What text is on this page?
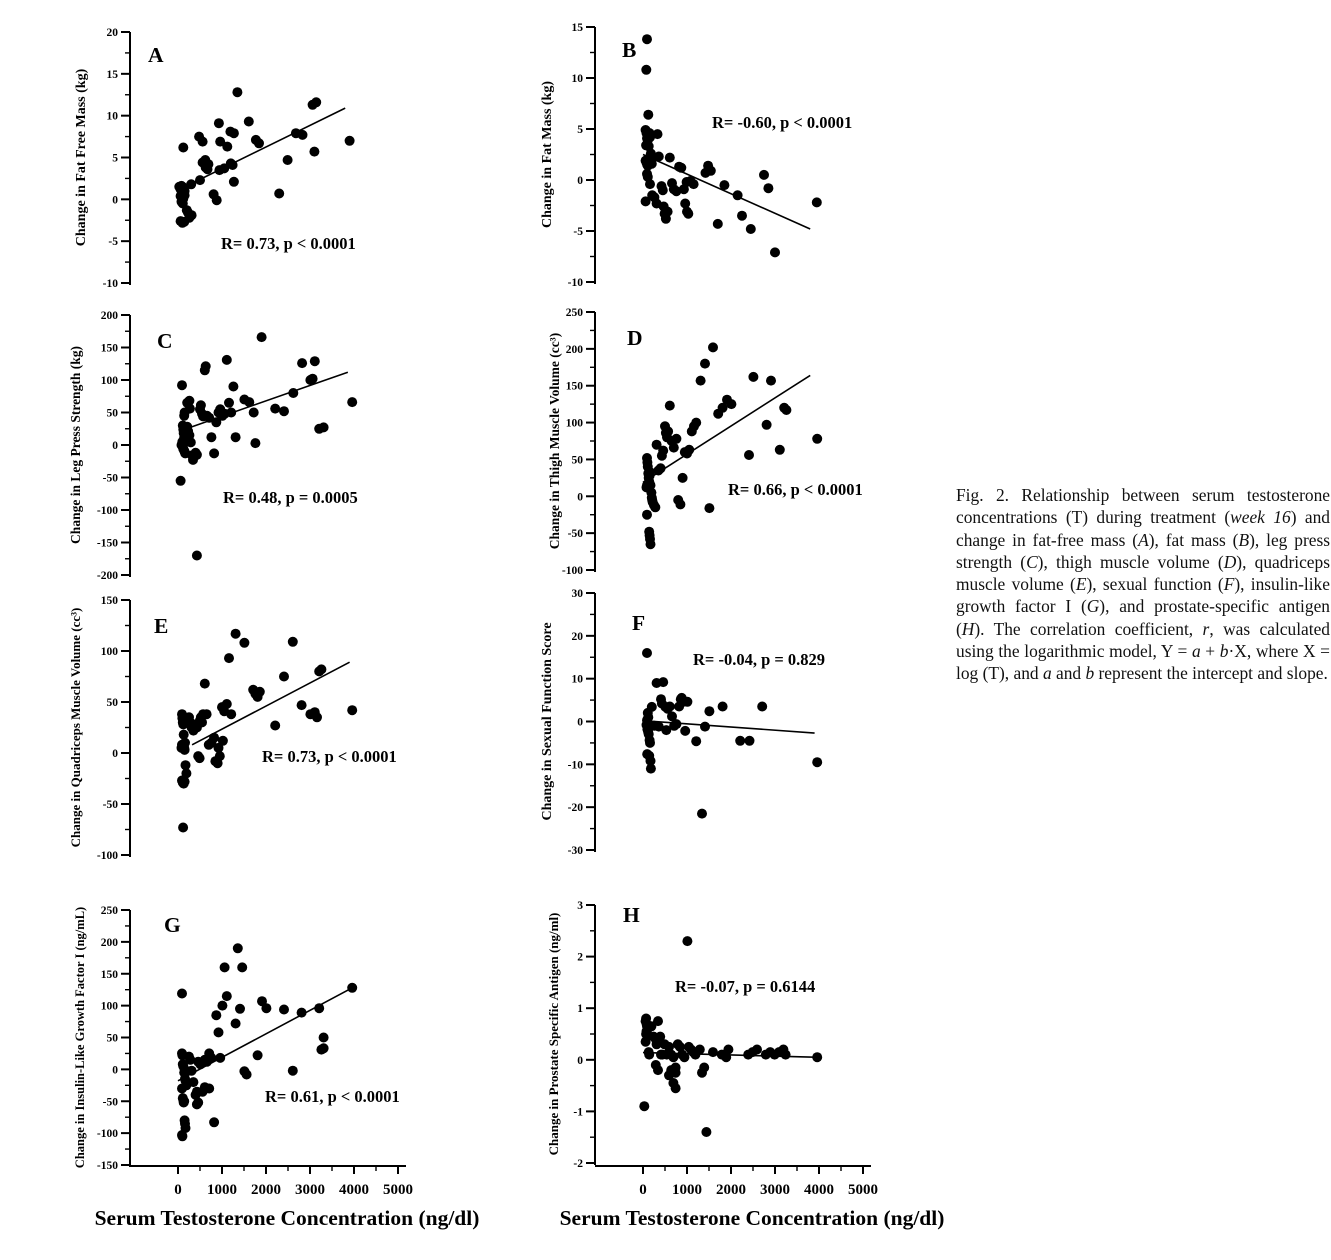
Change in Fat Free Mass (kg)
20
15
10
5
0
-5
-10
A
R= 0.73, p < 0.0001
Change in Fat Mass (kg)
15
10
5
0
-5
-10
B
R= -0.60, p < 0.0001
Change in Leg Press Strength (kg)
200
150
100
50
0
-50
-100
-150
-200
C
R= 0.48, p = 0.0005	Change in Thigh Muscle Volume (cc³)
250
200
150
100
50
0
-50
-100
D
R= 0.66, p < 0.0001
Change in Quadriceps Muscle Volume (cc³)
150
100
50
0
-50
-100
E
R= 0.73, p < 0.0001	Change in Sexual Function Score
30
20
10
0
-10
-20
-30
F
R= -0.04, p = 0.829
Change in Insulin-Like Growth Factor I (ng/mL) 250
200
150
100
50
0
-50
-100
-150
0 1000 2000 3000 4000 5000
G
R= 0.61, p < 0.0001	Change in Prostate Specific Antigen (ng/ml)
3
2
1
0
-1
-2
0 1000 2000 3000 4000 5000
H
R= -0.07, p = 0.6144
Serum Testosterone Concentration (ng/dl)	Serum Testosterone Concentration (ng/dl)

Fig. 2. Relationship between serum testosterone concentrations (T) during treatment (week 16) and change in fat-free mass (A), fat mass (B), leg press strength (C), thigh muscle volume (D), quadriceps muscle volume (E), sexual function (F), insulin-like growth factor I (G), and prostate-specific antigen (H). The correlation coefficient, r, was calculated using the logarithmic model, Y = a + b·X, where X = log (T), and a and b represent the intercept and slope.
